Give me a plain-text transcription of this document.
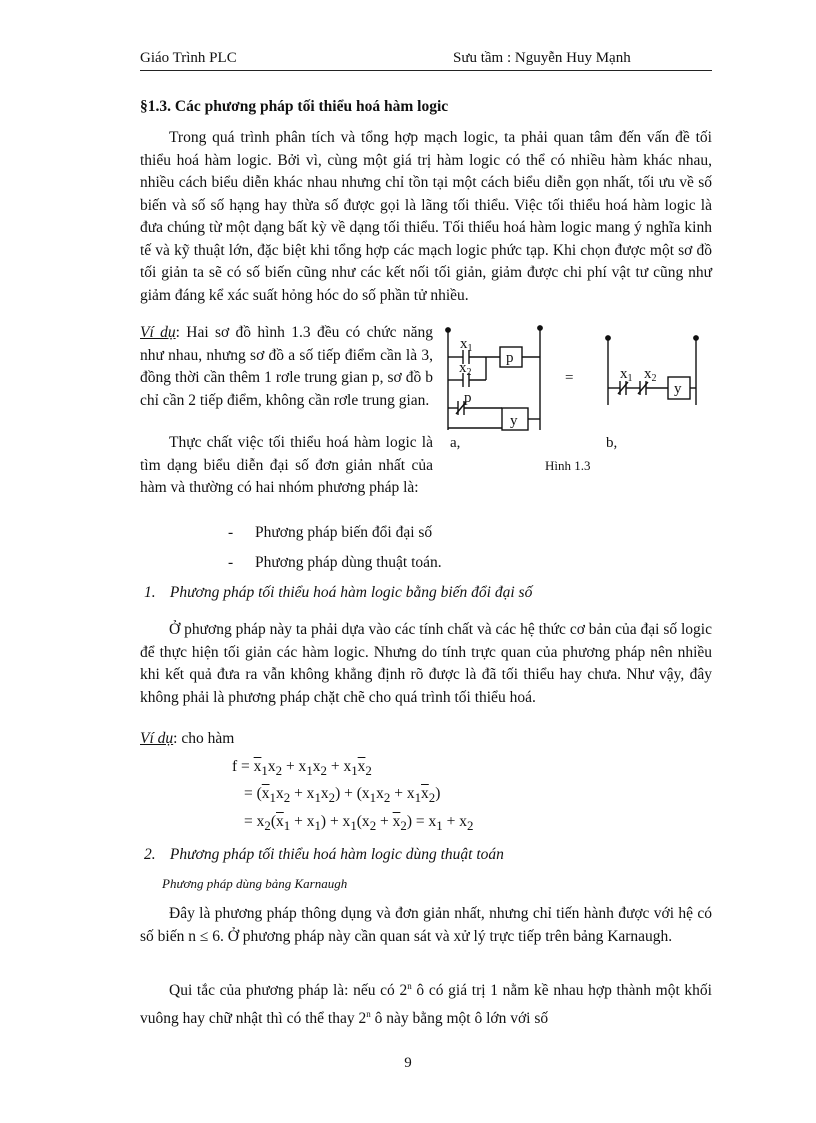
Giáo Trình PLC	Sưu tầm : Nguyễn Huy Mạnh
§1.3. Các phương pháp tối thiểu hoá hàm logic
Trong quá trình phân tích và tổng hợp mạch logic, ta phải quan tâm đến vấn đề tối thiểu hoá hàm logic. Bởi vì, cùng một giá trị hàm logic có thể có nhiều hàm khác nhau, nhiều cách biểu diễn khác nhau nhưng chỉ tồn tại một cách biểu diễn gọn nhất, tối ưu về số biến và số số hạng hay thừa số được gọi là lãng tối thiểu. Việc tối thiểu hoá hàm logic là đưa chúng từ một dạng bất kỳ về dạng tối thiểu. Tối thiểu hoá hàm logic mang ý nghĩa kinh tế và kỹ thuật lớn, đặc biệt khi tổng hợp các mạch logic phức tạp. Khi chọn được một sơ đồ tối giản ta sẽ có số biến cũng như các kết nối tối giản, giảm được chi phí vật tư cũng như giảm đáng kể xác suất hỏng hóc do số phần tử nhiều.
Ví dụ: Hai sơ đồ hình 1.3 đều có chức năng như nhau, nhưng sơ đồ a số tiếp điểm cần là 3, đồng thời cần thêm 1 rơle trung gian p, sơ đồ b chỉ cần 2 tiếp điểm, không cần rơle trung gian.
Thực chất việc tối thiểu hoá hàm logic là tìm dạng biểu diễn đại số đơn giản nhất của hàm và thường có hai nhóm phương pháp là:
$x_1$
$x_2$
p
p
y
=	$x_1$ $x_2$
y
a,	b,
Hình 1.3
- Phương pháp biến đổi đại số
- Phương pháp dùng thuật toán.
1. Phương pháp tối thiểu hoá hàm logic bằng biến đổi đại số
Ở phương pháp này ta phải dựa vào các tính chất và các hệ thức cơ bản của đại số logic để thực hiện tối giản các hàm logic. Nhưng do tính trực quan của phương pháp nên nhiều khi kết quả đưa ra vẫn không khẳng định rõ được là đã tối thiểu hay chưa. Như vậy, đây không phải là phương pháp chặt chẽ cho quá trình tối thiểu hoá.
Ví dụ: cho hàm
$f = \overline{x}_1x_2 + x_1x_2 + x_1\overline{x}_2$
= $(\overline{x}_1x_2 + x_1x_2) + (x_1x_2 + x_1\overline{x}_2)$
= $x_2(\overline{x}_1 + x_1) + x_1(x_2 + \overline{x}_2) = x_1 + x_2$
2. Phương pháp tối thiểu hoá hàm logic dùng thuật toán
Phương pháp dùng bảng Karnaugh
Đây là phương pháp thông dụng và đơn giản nhất, nhưng chỉ tiến hành được với hệ có số biến n ≤ 6. Ở phương pháp này cần quan sát và xử lý trực tiếp trên bảng Karnaugh.
Qui tắc của phương pháp là: nếu có 2$^n$ ô có giá trị 1 nằm kề nhau hợp thành một khối vuông hay chữ nhật thì có thể thay 2$^n$ ô này bằng một ô lớn với số
9
